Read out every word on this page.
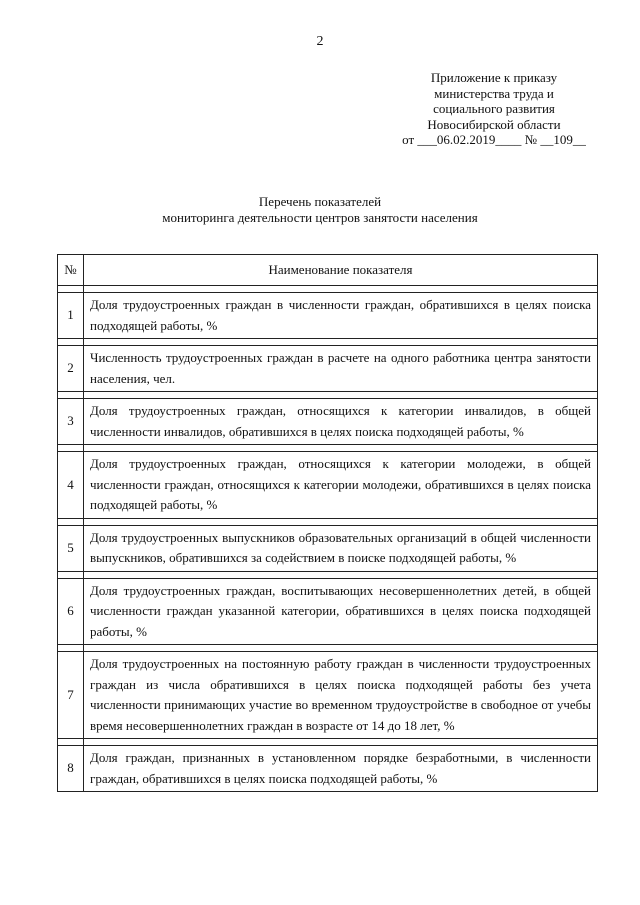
2
Приложение к приказу
министерства труда и
социального развития
Новосибирской области
от ___06.02.2019____ № __109__
Перечень показателей
мониторинга деятельности центров занятости населения
№	Наименование показателя

1	Доля трудоустроенных граждан в численности граждан, обратившихся в целях поиска подходящей работы, %

2	Численность трудоустроенных граждан в расчете на одного работника центра занятости населения, чел.

3	Доля трудоустроенных граждан, относящихся к категории инвалидов, в общей численности инвалидов, обратившихся в целях поиска подходящей работы, %

4	Доля трудоустроенных граждан, относящихся к категории молодежи, в общей численности граждан, относящихся к категории молодежи, обратившихся в целях поиска подходящей работы, %

5	Доля трудоустроенных выпускников образовательных организаций в общей численности выпускников, обратившихся за содействием в поиске подходящей работы, %

6	Доля трудоустроенных граждан, воспитывающих несовершеннолетних детей, в общей численности граждан указанной категории, обратившихся в целях поиска подходящей работы, %

7	Доля трудоустроенных на постоянную работу граждан в численности трудоустроенных граждан из числа обратившихся в целях поиска подходящей работы без учета численности принимающих участие во временном трудоустройстве в свободное от учебы время несовершеннолетних граждан в возрасте от 14 до 18 лет, %

8	Доля граждан, признанных в установленном порядке безработными, в численности граждан, обратившихся в целях поиска подходящей работы, %
